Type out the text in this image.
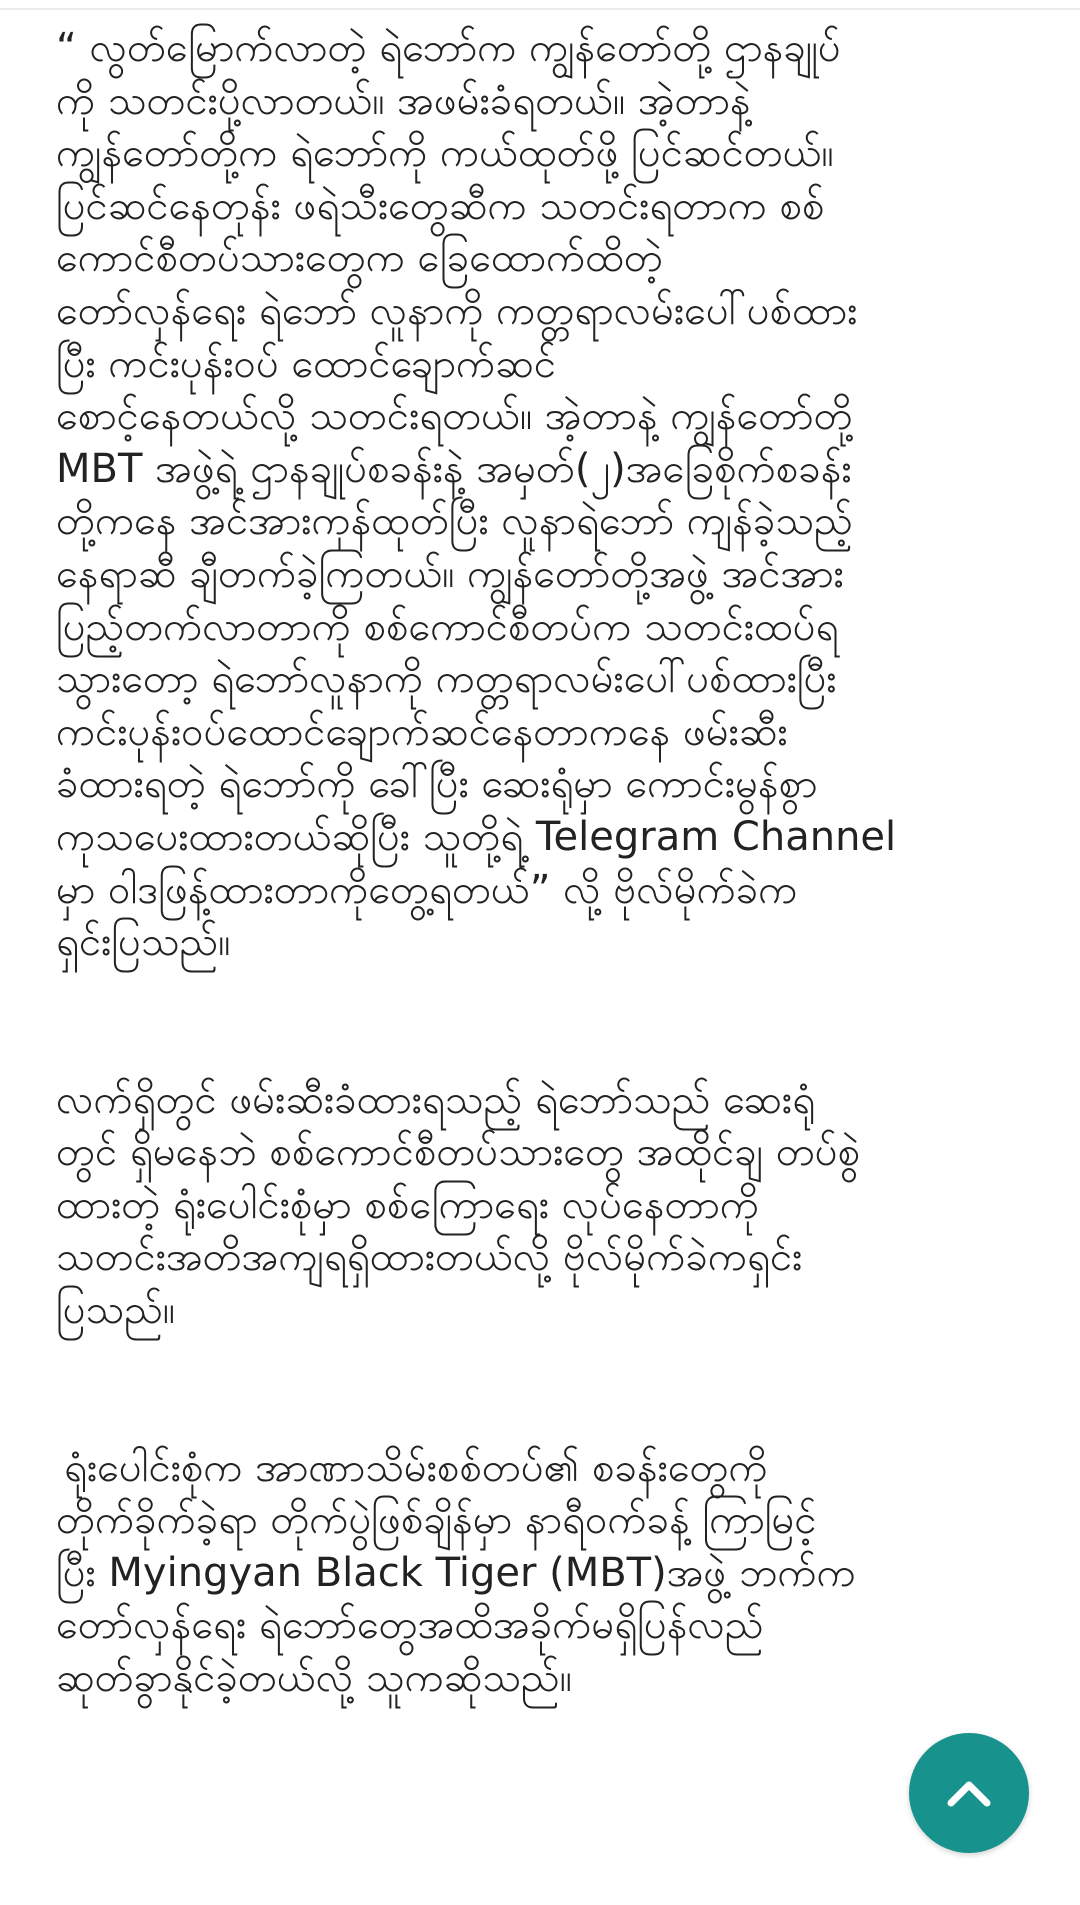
“ လွတ်မြောက်လာတဲ့ ရဲဘော်က ကျွန်တော်တို့ ဌာနချုပ်
ကို သတင်းပို့လာတယ်။ အဖမ်းခံရတယ်။ အဲ့တာနဲ့
ကျွန်တော်တို့က ရဲဘော်ကို ကယ်ထုတ်ဖို့ ပြင်ဆင်တယ်။
ပြင်ဆင်နေတုန်း ဖရဲသီးတွေဆီက သတင်းရတာက စစ်
ကောင်စီတပ်သားတွေက ခြေထောက်ထိတဲ့
တော်လှန်ရေး ရဲဘော် လူနာကို ကတ္တရာလမ်းပေါ်ပစ်ထား
ပြီး ကင်းပုန်းဝပ် ထောင်ချောက်ဆင်
စောင့်နေတယ်လို့ သတင်းရတယ်။ အဲ့တာနဲ့ ကျွန်တော်တို့
MBT အဖွဲ့ရဲ့ ဌာနချုပ်စခန်းနဲ့ အမှတ်(၂)အခြေစိုက်စခန်း
တို့ကနေ အင်အားကုန်ထုတ်ပြီး လူနာရဲဘော် ကျန်ခဲ့သည့်
နေရာဆီ ချီတက်ခဲ့ကြတယ်။ ကျွန်တော်တို့အဖွဲ့ အင်အား
ပြည့်တက်လာတာကို စစ်ကောင်စီတပ်က သတင်းထပ်ရ
သွားတော့ ရဲဘော်လူနာကို ကတ္တရာလမ်းပေါ်ပစ်ထားပြီး
ကင်းပုန်းဝပ်ထောင်ချောက်ဆင်နေတာကနေ ဖမ်းဆီး
ခံထားရတဲ့ ရဲဘော်ကို ခေါ်ပြီး ဆေးရုံမှာ ကောင်းမွန်စွာ
ကုသပေးထားတယ်ဆိုပြီး သူတို့ရဲ့ Telegram Channel
မှာ ဝါဒဖြန့်ထားတာကိုတွေ့ရတယ်” လို့ ဗိုလ်မိုက်ခဲက
ရှင်းပြသည်။

လက်ရှိတွင် ဖမ်းဆီးခံထားရသည့် ရဲဘော်သည် ဆေးရုံ
တွင် ရှိမနေဘဲ စစ်ကောင်စီတပ်သားတွေ အထိုင်ချ တပ်စွဲ
ထားတဲ့ ရုံးပေါင်းစုံမှာ စစ်ကြောရေး လုပ်နေတာကို
သတင်းအတိအကျရရှိထားတယ်လို့ ဗိုလ်မိုက်ခဲကရှင်း
ပြသည်။

ရုံးပေါင်းစုံက အာဏာသိမ်းစစ်တပ်၏ စခန်းတွေကို
တိုက်ခိုက်ခဲ့ရာ တိုက်ပွဲဖြစ်ချိန်မှာ နာရီဝက်ခန့် ကြာမြင့်
ပြီး Myingyan Black Tiger (MBT)အဖွဲ့ ဘက်က
တော်လှန်ရေး ရဲဘော်တွေအထိအခိုက်မရှိပြန်လည်
ဆုတ်ခွာနိုင်ခဲ့တယ်လို့ သူကဆိုသည်။
